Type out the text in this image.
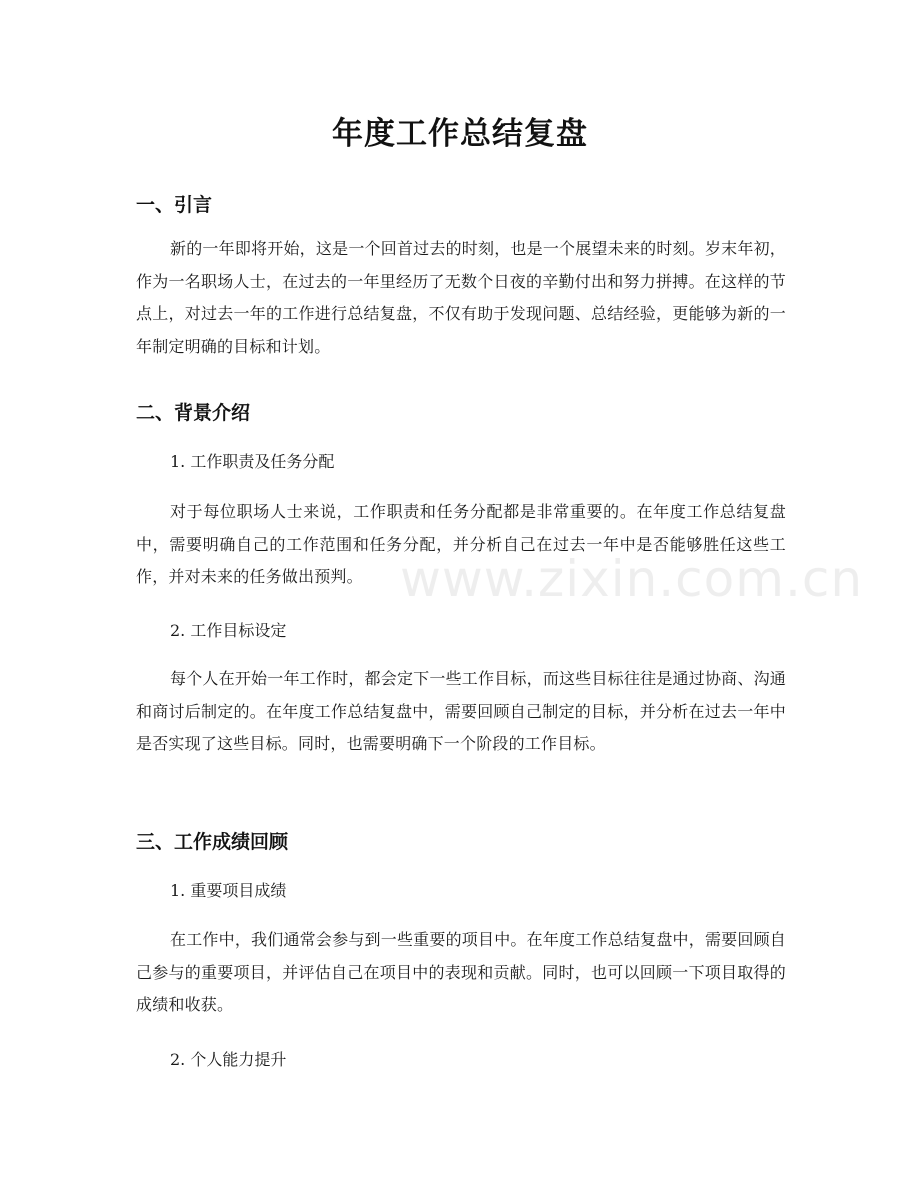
年度工作总结复盘
一、引言

新的一年即将开始，这是一个回首过去的时刻，也是一个展望未来的时刻。岁末年初，作为一名职场人士，在过去的一年里经历了无数个日夜的辛勤付出和努力拼搏。在这样的节点上，对过去一年的工作进行总结复盘，不仅有助于发现问题、总结经验，更能够为新的一年制定明确的目标和计划。

二、背景介绍
1. 工作职责及任务分配

对于每位职场人士来说，工作职责和任务分配都是非常重要的。在年度工作总结复盘中，需要明确自己的工作范围和任务分配，并分析自己在过去一年中是否能够胜任这些工作，并对未来的任务做出预判。

2. 工作目标设定

每个人在开始一年工作时，都会定下一些工作目标，而这些目标往往是通过协商、沟通和商讨后制定的。在年度工作总结复盘中，需要回顾自己制定的目标，并分析在过去一年中是否实现了这些目标。同时，也需要明确下一个阶段的工作目标。

三、工作成绩回顾
1. 重要项目成绩

在工作中，我们通常会参与到一些重要的项目中。在年度工作总结复盘中，需要回顾自己参与的重要项目，并评估自己在项目中的表现和贡献。同时，也可以回顾一下项目取得的成绩和收获。

2. 个人能力提升
www.zixin.com.cn
